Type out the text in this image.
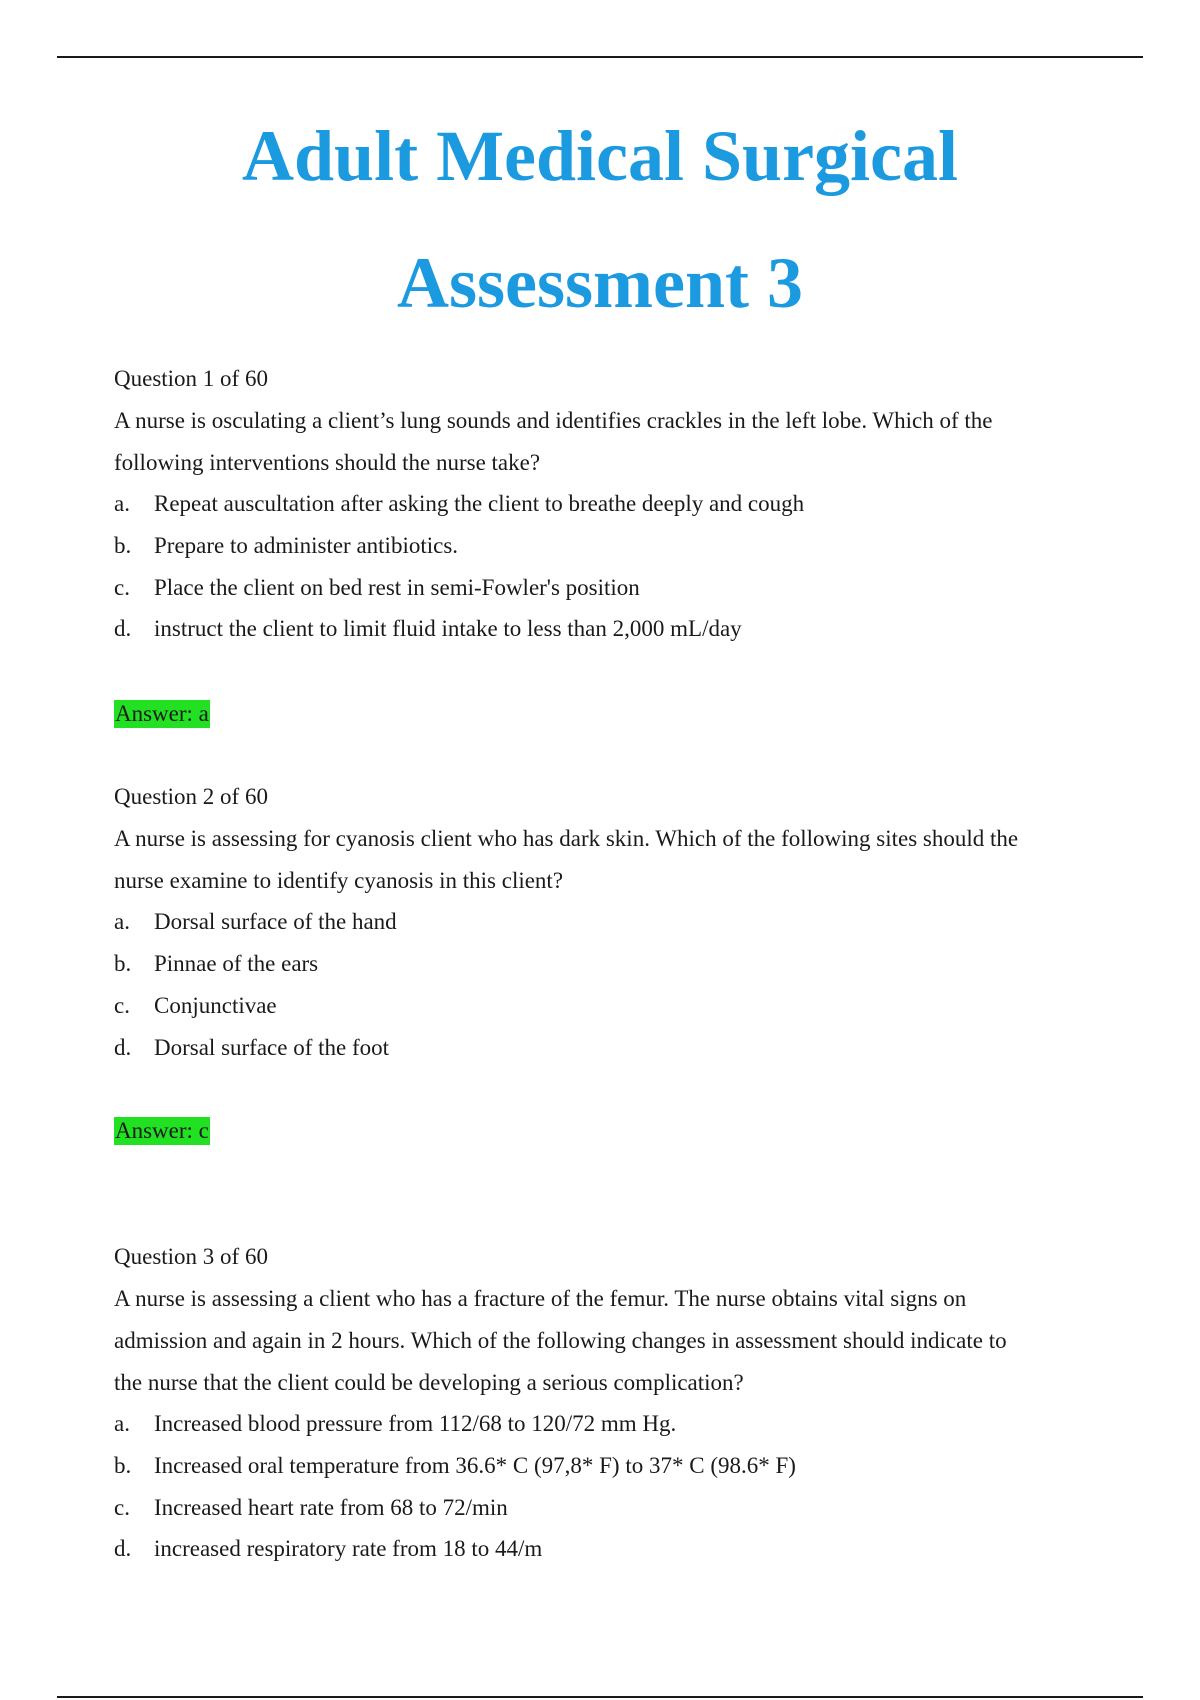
Adult Medical Surgical
Assessment 3

Question 1 of 60

A nurse is osculating a client’s lung sounds and identifies crackles in the left lobe. Which of the
following interventions should the nurse take?

a. Repeat auscultation after asking the client to breathe deeply and cough
b. Prepare to administer antibiotics.
c. Place the client on bed rest in semi-Fowler's position
d. instruct the client to limit fluid intake to less than 2,000 mL/day
Answer: a

Question 2 of 60

A nurse is assessing for cyanosis client who has dark skin. Which of the following sites should the
nurse examine to identify cyanosis in this client?

a. Dorsal surface of the hand
b. Pinnae of the ears
c. Conjunctivae
d. Dorsal surface of the foot
Answer: c

Question 3 of 60

A nurse is assessing a client who has a fracture of the femur. The nurse obtains vital signs on
admission and again in 2 hours. Which of the following changes in assessment should indicate to
the nurse that the client could be developing a serious complication?

a. Increased blood pressure from 112/68 to 120/72 mm Hg.
b. Increased oral temperature from 36.6* C (97,8* F) to 37* C (98.6* F)
c. Increased heart rate from 68 to 72/min
d. increased respiratory rate from 18 to 44/m
